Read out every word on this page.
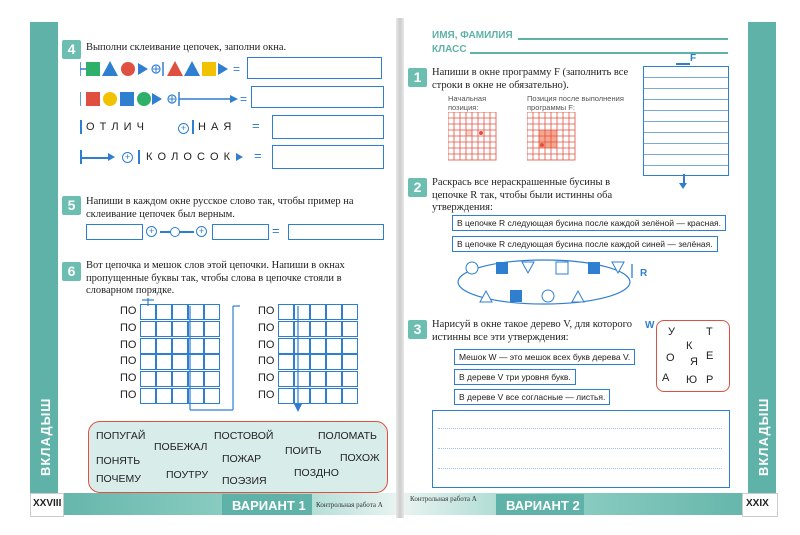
ВКЛАДЫШ
4	Выполни склеивание цепочек, заполни окна.
=
=
О Т Л И Ч	+ Н А Я =
+ К О Л О С О К =
5	Напиши в каждом окне русское слово так, чтобы пример на склеивание цепочек был верным.
+	+	=
6	Вот цепочка и мешок слов этой цепочки. Напиши в окнах пропущенные буквы так, чтобы слова в цепочке стояли в словарном порядке.
ПО
ПО
ПО
ПО
ПО
ПО
ПО
ПО
ПО
ПО
ПО
ПО
ПОПУГАЙ	ПОСТОВОЙ	ПОЛОМАТЬ
ПОБЕЖАЛ
ПОНЯТЬ	ПОЖАР
ПОИТЬ
ПОХОЖ
ПОЧЕМУ ПОУТРУ ПОЭЗИЯ
ПОЗДНО
XXVIII	ВАРИАНТ 1 Контрольная работа А
ВКЛАДЫШ
ИМЯ, ФАМИЛИЯ
КЛАСС
1	Напиши в окне программу F (заполнить все строки в окне не обязательно).
Начальная позиция:
Позиция после выполнения программы F:
F
2	Раскрась все нераскрашенные бусины в цепочке R так, чтобы были истинны оба утверждения:
В цепочке R следующая бусина после каждой зелёной — красная.
В цепочке R следующая бусина после каждой синей — зелёная.
R
3	Нарисуй в окне такое дерево V, для которого истинны все эти утверждения:
Мешок W — это мешок всех букв дерева V.
В дереве V три уровня букв.
В дереве V все согласные — листья.
W
У	Т
К
О Я Е
А Ю Р
Контрольная работа А ВАРИАНТ 2	XXIX
